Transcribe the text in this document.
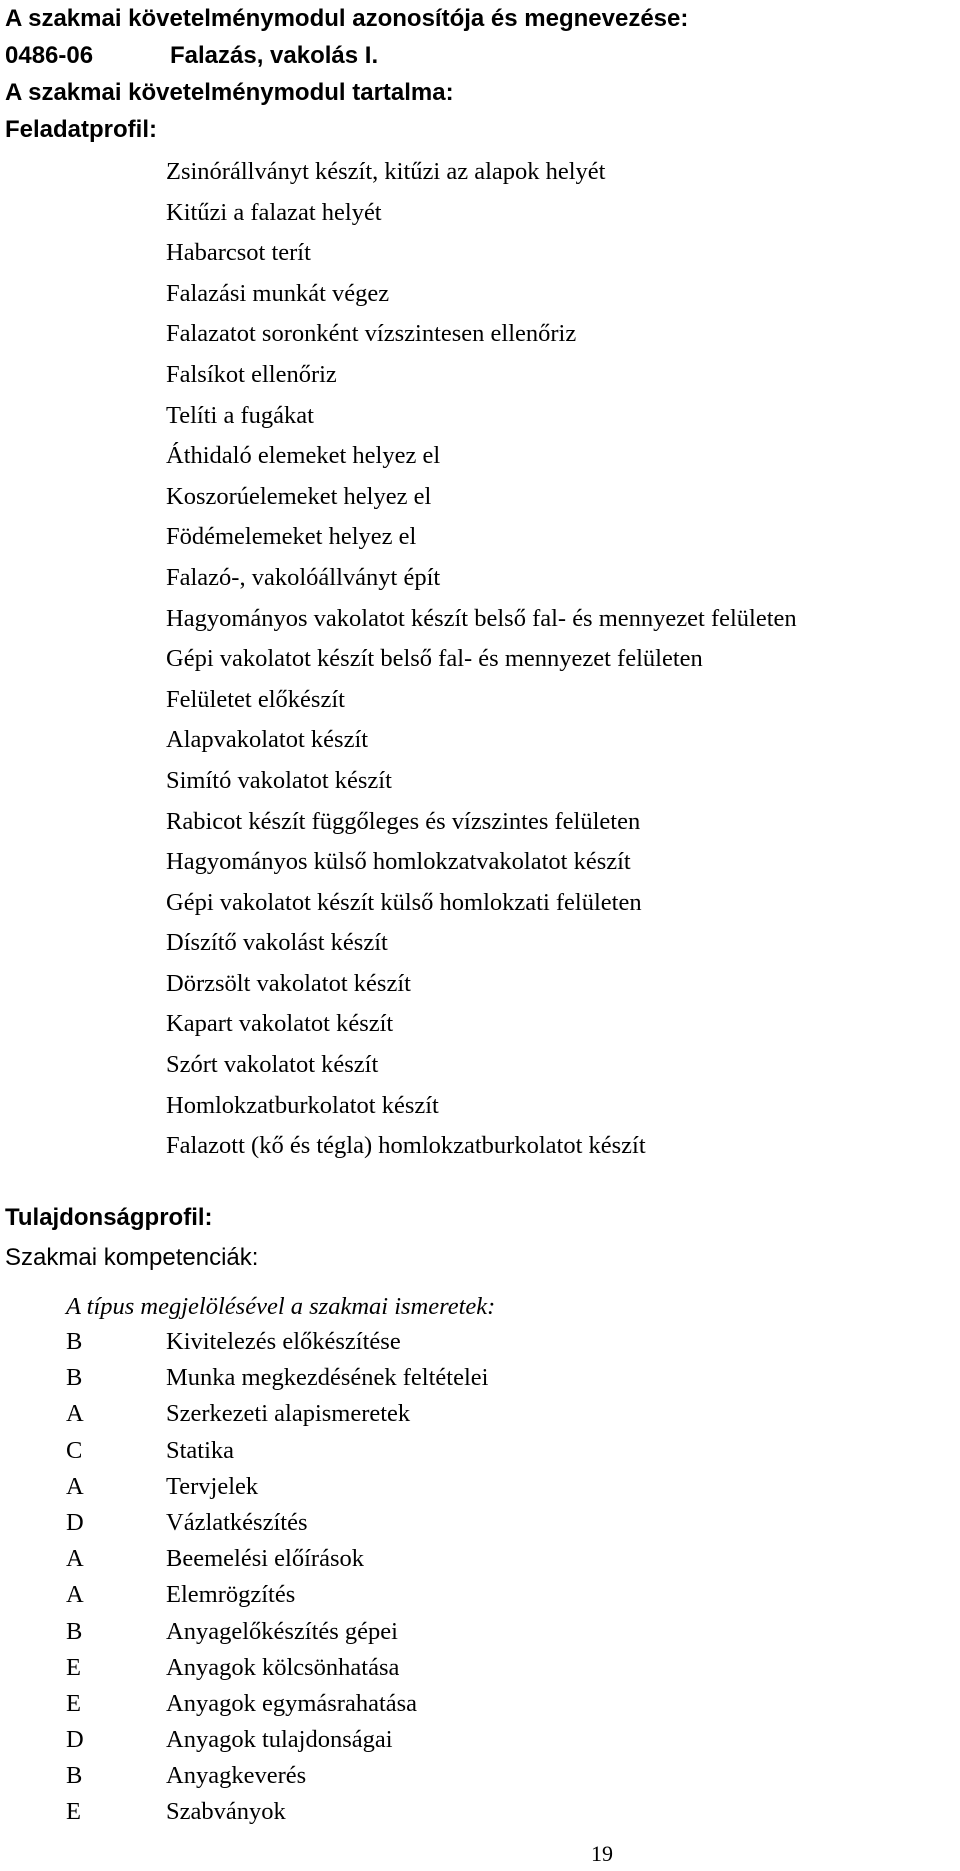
A szakmai követelménymodul azonosítója és megnevezése:
0486-06	Falazás, vakolás I.
A szakmai követelménymodul tartalma:
Feladatprofil:
Zsinórállványt készít, kitűzi az alapok helyét
Kitűzi a falazat helyét
Habarcsot terít
Falazási munkát végez
Falazatot soronként vízszintesen ellenőriz
Falsíkot ellenőriz
Telíti a fugákat
Áthidaló elemeket helyez el
Koszorúelemeket helyez el
Födémelemeket helyez el
Falazó-, vakolóállványt épít
Hagyományos vakolatot készít belső fal- és mennyezet felületen
Gépi vakolatot készít belső fal- és mennyezet felületen
Felületet előkészít
Alapvakolatot készít
Simító vakolatot készít
Rabicot készít függőleges és vízszintes felületen
Hagyományos külső homlokzatvakolatot készít
Gépi vakolatot készít külső homlokzati felületen
Díszítő vakolást készít
Dörzsölt vakolatot készít
Kapart vakolatot készít
Szórt vakolatot készít
Homlokzatburkolatot készít
Falazott (kő és tégla) homlokzatburkolatot készít
Tulajdonságprofil:
Szakmai kompetenciák:
A típus megjelölésével a szakmai ismeretek:
B	Kivitelezés előkészítése
B	Munka megkezdésének feltételei
A	Szerkezeti alapismeretek
C	Statika
A	Tervjelek
D	Vázlatkészítés
A	Beemelési előírások
A	Elemrögzítés
B	Anyagelőkészítés gépei
E	Anyagok kölcsönhatása
E	Anyagok egymásrahatása
D	Anyagok tulajdonságai
B	Anyagkeverés
E	Szabványok
19
